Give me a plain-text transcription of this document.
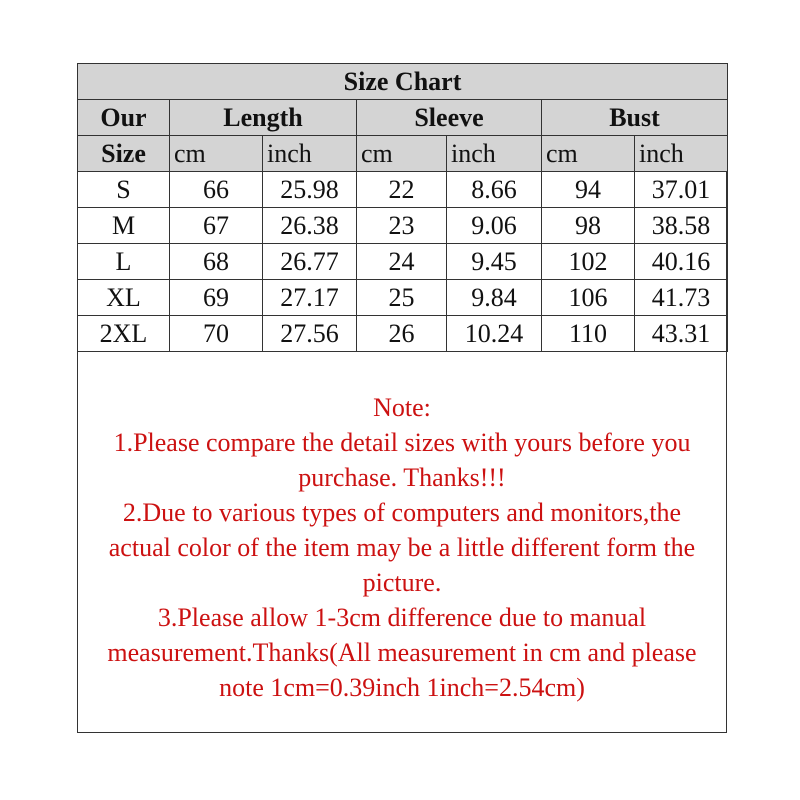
Size Chart						
Our	Length		Sleeve		Bust	
Size	cm	inch	cm	inch	cm	inch
S	66	25.98	22	8.66	94	37.01
M	67	26.38	23	9.06	98	38.58
L	68	26.77	24	9.45	102	40.16
XL	69	27.17	25	9.84	106	41.73
2XL	70	27.56	26	10.24	110	43.31
Note:
1.Please compare the detail sizes with yours before you
purchase. Thanks!!!
2.Due to various types of computers and monitors,the
actual color of the item may be a little different form the
picture.
3.Please allow 1-3cm difference due to manual
measurement.Thanks(All measurement in cm and please
note 1cm=0.39inch 1inch=2.54cm)
